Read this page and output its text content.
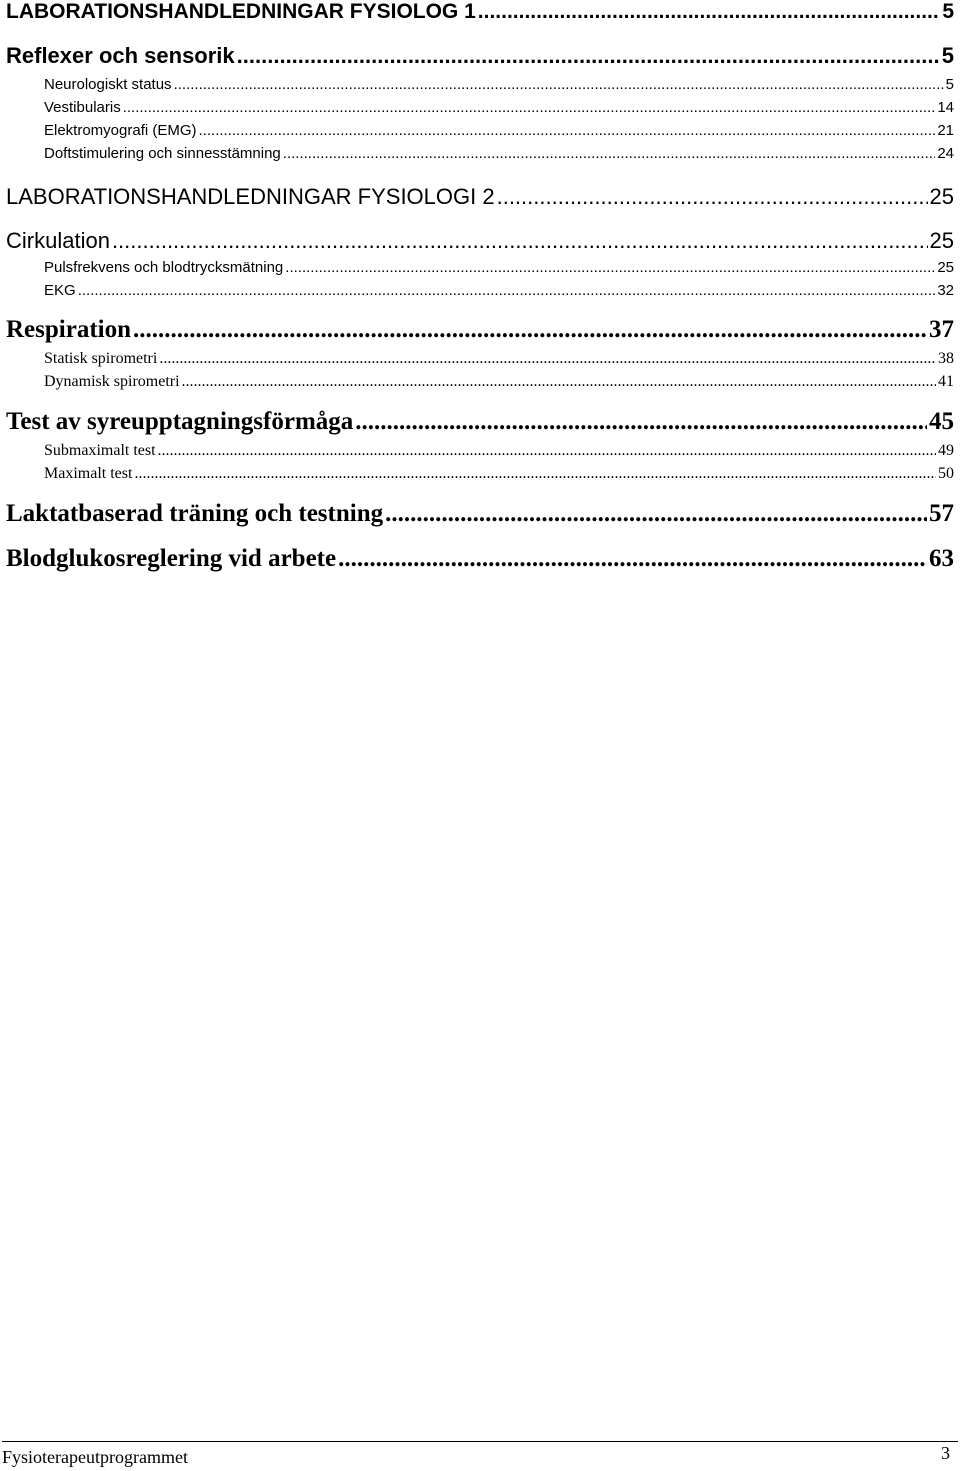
LABORATIONSHANDLEDNINGAR FYSIOLOG 1 .....	5
Reflexer och sensorik .....	5
Neurologiskt status .....	5
Vestibularis .....	14
Elektromyografi (EMG) .....	21
Doftstimulering och sinnesstämning .....	24
LABORATIONSHANDLEDNINGAR FYSIOLOGI 2 .....	25
Cirkulation .....	25
Pulsfrekvens och blodtrycksmätning .....	25
EKG .....	32
Respiration .....	37
Statisk spirometri .....	38
Dynamisk spirometri .....	41
Test av syreupptagningsförmåga .....	45
Submaximalt test .....	49
Maximalt test .....	50
Laktatbaserad träning och testning .....	57
Blodglukosreglering vid arbete .....	63
Fysioterapeutprogrammet	3
